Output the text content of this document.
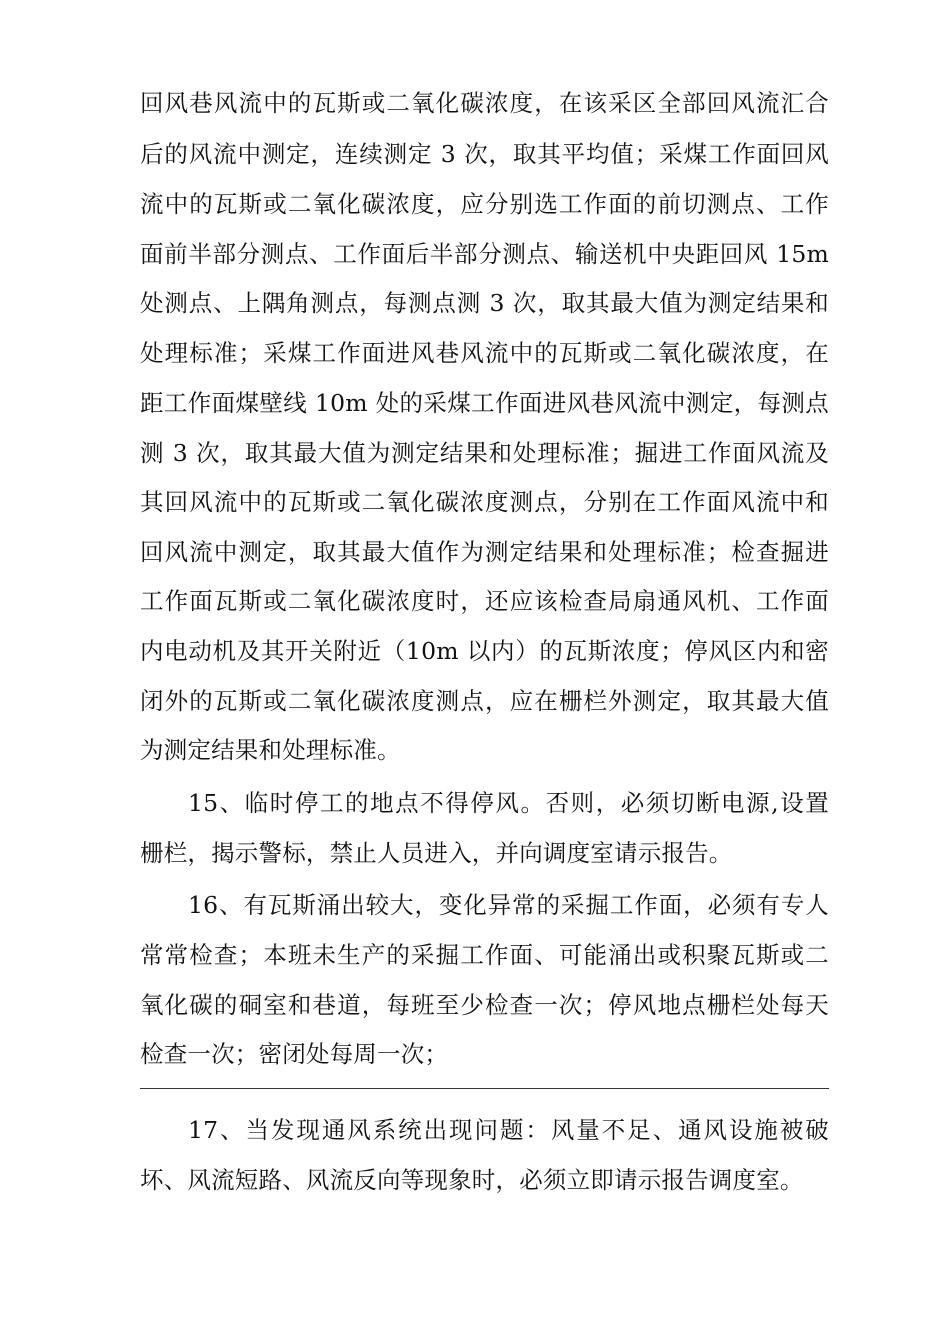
回风巷风流中的瓦斯或二氧化碳浓度，在该采区全部回风流汇合
后的风流中测定，连续测定 3 次，取其平均值；采煤工作面回风
流中的瓦斯或二氧化碳浓度，应分别选工作面的前切测点、工作
面前半部分测点、工作面后半部分测点、输送机中央距回风 15m
处测点、上隅角测点，每测点测 3 次，取其最大值为测定结果和
处理标准；采煤工作面进风巷风流中的瓦斯或二氧化碳浓度，在
距工作面煤壁线 10m 处的采煤工作面进风巷风流中测定，每测点
测 3 次，取其最大值为测定结果和处理标准；掘进工作面风流及
其回风流中的瓦斯或二氧化碳浓度测点，分别在工作面风流中和
回风流中测定，取其最大值作为测定结果和处理标准；检查掘进
工作面瓦斯或二氧化碳浓度时，还应该检查局扇通风机、工作面
内电动机及其开关附近（10m 以内）的瓦斯浓度；停风区内和密
闭外的瓦斯或二氧化碳浓度测点，应在栅栏外测定，取其最大值
为测定结果和处理标准。
15、临时停工的地点不得停风。否则，必须切断电源,设置
栅栏，揭示警标，禁止人员进入，并向调度室请示报告。
16、有瓦斯涌出较大，变化异常的采掘工作面，必须有专人
常常检查；本班未生产的采掘工作面、可能涌出或积聚瓦斯或二
氧化碳的硐室和巷道，每班至少检查一次；停风地点栅栏处每天
检查一次；密闭处每周一次；
17、当发现通风系统出现问题：风量不足、通风设施被破
坏、风流短路、风流反向等现象时，必须立即请示报告调度室。
